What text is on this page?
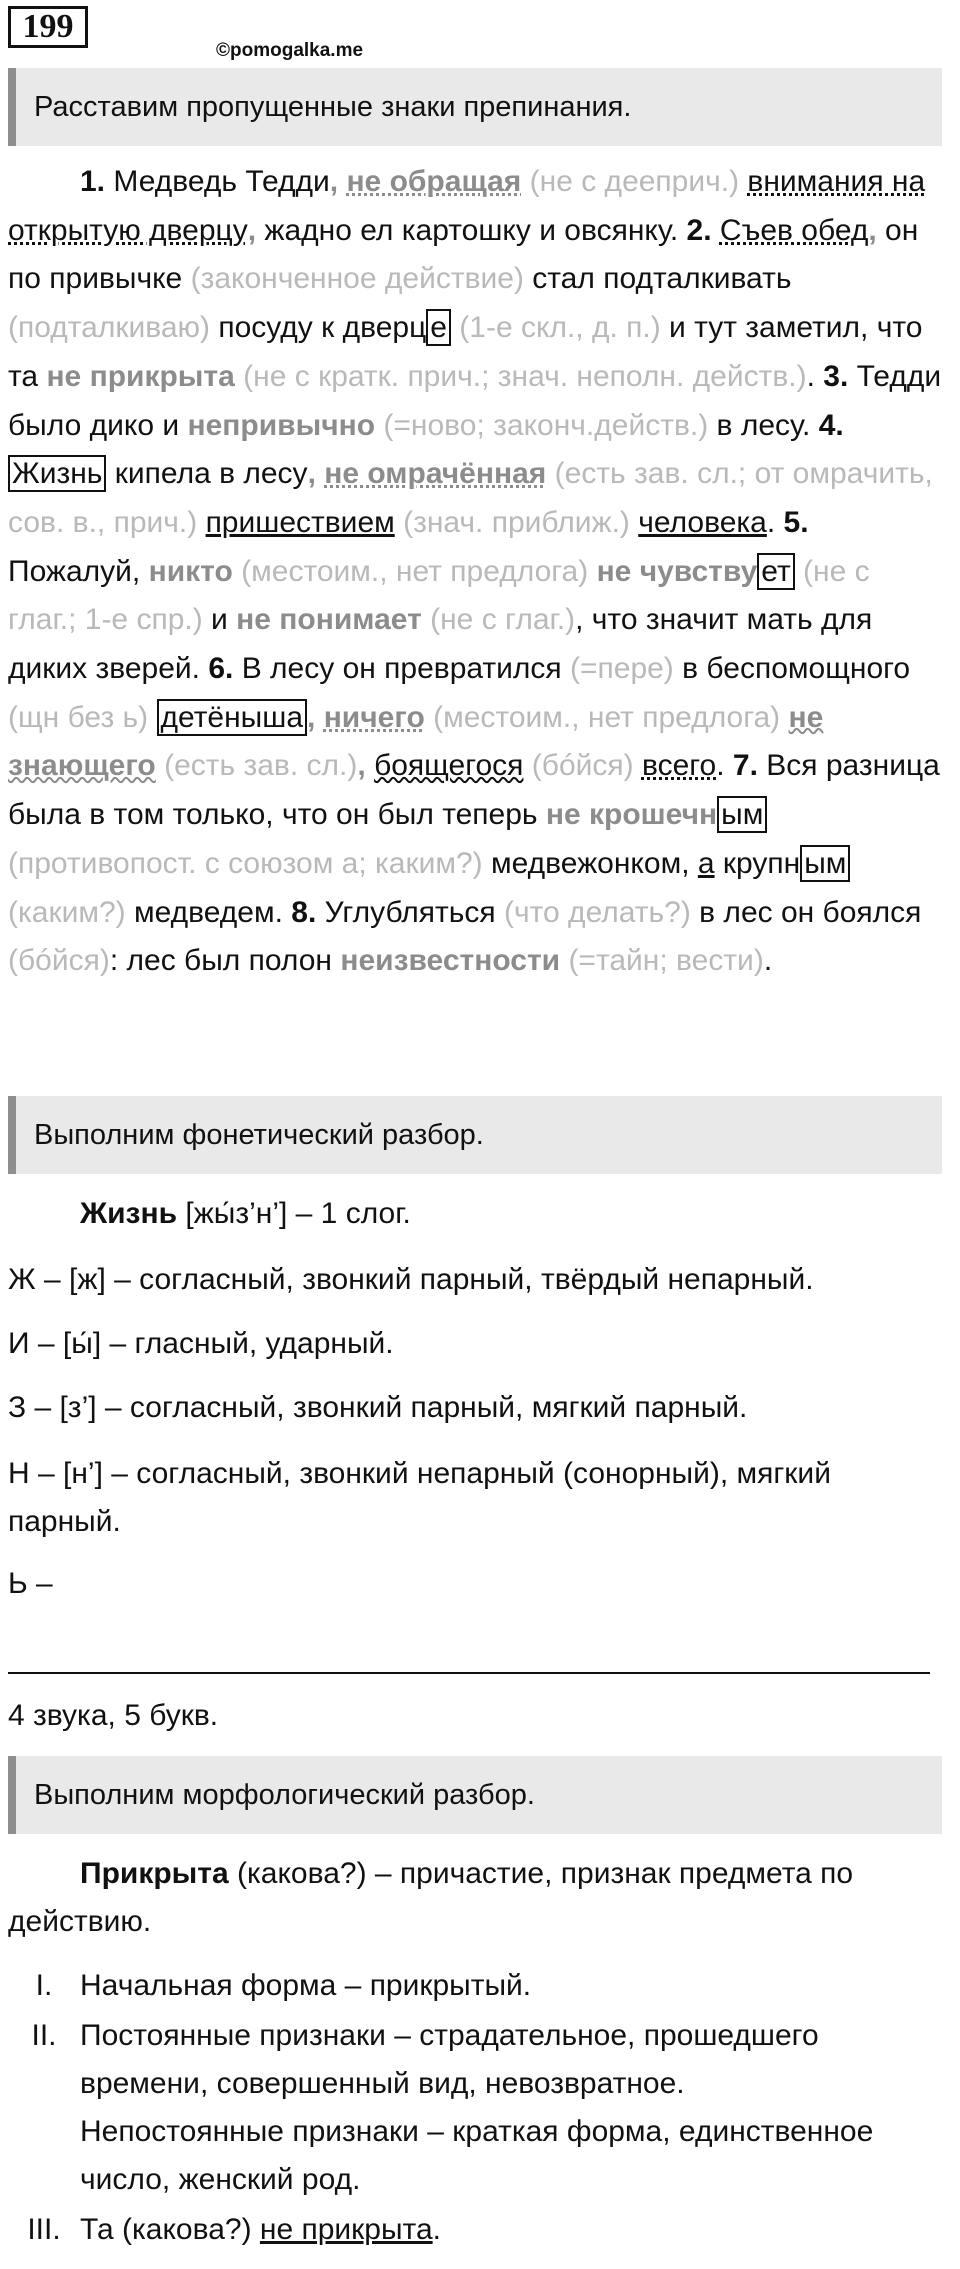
199
©pomogalka.me
Расставим пропущенные знаки препинания.

1. Медведь Тедди, не обращая (не с дееприч.) внимания на открытую дверцу, жадно ел картошку и овсянку. 2. Съев обед, он по привычке (законченное действие) стал подталкивать (подталкиваю) посуду к дверц е (1-е скл., д. п.) и тут заметил, что та не прикрыта (не с кратк. прич.; знач. неполн. действ.). 3. Тедди было дико и непривычно (=ново; законч.действ.) в лесу. 4. Жизнь кипела в лесу, не омрачённая (есть зав. сл.; от омрачить, сов. в., прич.) пришествием (знач. приближ.) человека. 5. Пожалуй, никто (местоим., нет предлога) не чувству ет (не с глаг.; 1-е спр.) и не понимает (не с глаг.), что значит мать для диких зверей. 6. В лесу он превратился (=пере) в беспомощного (щн без ь) детёныша , ничего (местоим., нет предлога) не знающего (есть зав. сл.), боящегося (бóйся) всего. 7. Вся разница была в том только, что он был теперь не крошечн ым (противопост. с союзом а; каким?) медвежонком, а крупн ым (каким?) медведем. 8. Углубляться (что делать?) в лес он боялся (бóйся): лес был полон неизвестности (=тайн; вести).

Выполним фонетический разбор.
Жизнь [жы́з’н’] – 1 слог.
Ж – [ж] – согласный, звонкий парный, твёрдый непарный.
И – [ы́] – гласный, ударный.
З – [з’] – согласный, звонкий парный, мягкий парный.
Н – [н’] – согласный, звонкий непарный (сонорный), мягкий парный.
Ь –
4 звука, 5 букв.
Выполним морфологический разбор.
Прикрыта (какова?) – причастие, признак предмета по действию.
I. Начальная форма – прикрытый.
II. Постоянные признаки – страдательное, прошедшего времени, совершенный вид, невозвратное.
Непостоянные признаки – краткая форма, единственное число, женский род.
III. Та (какова?) не прикрыта.
